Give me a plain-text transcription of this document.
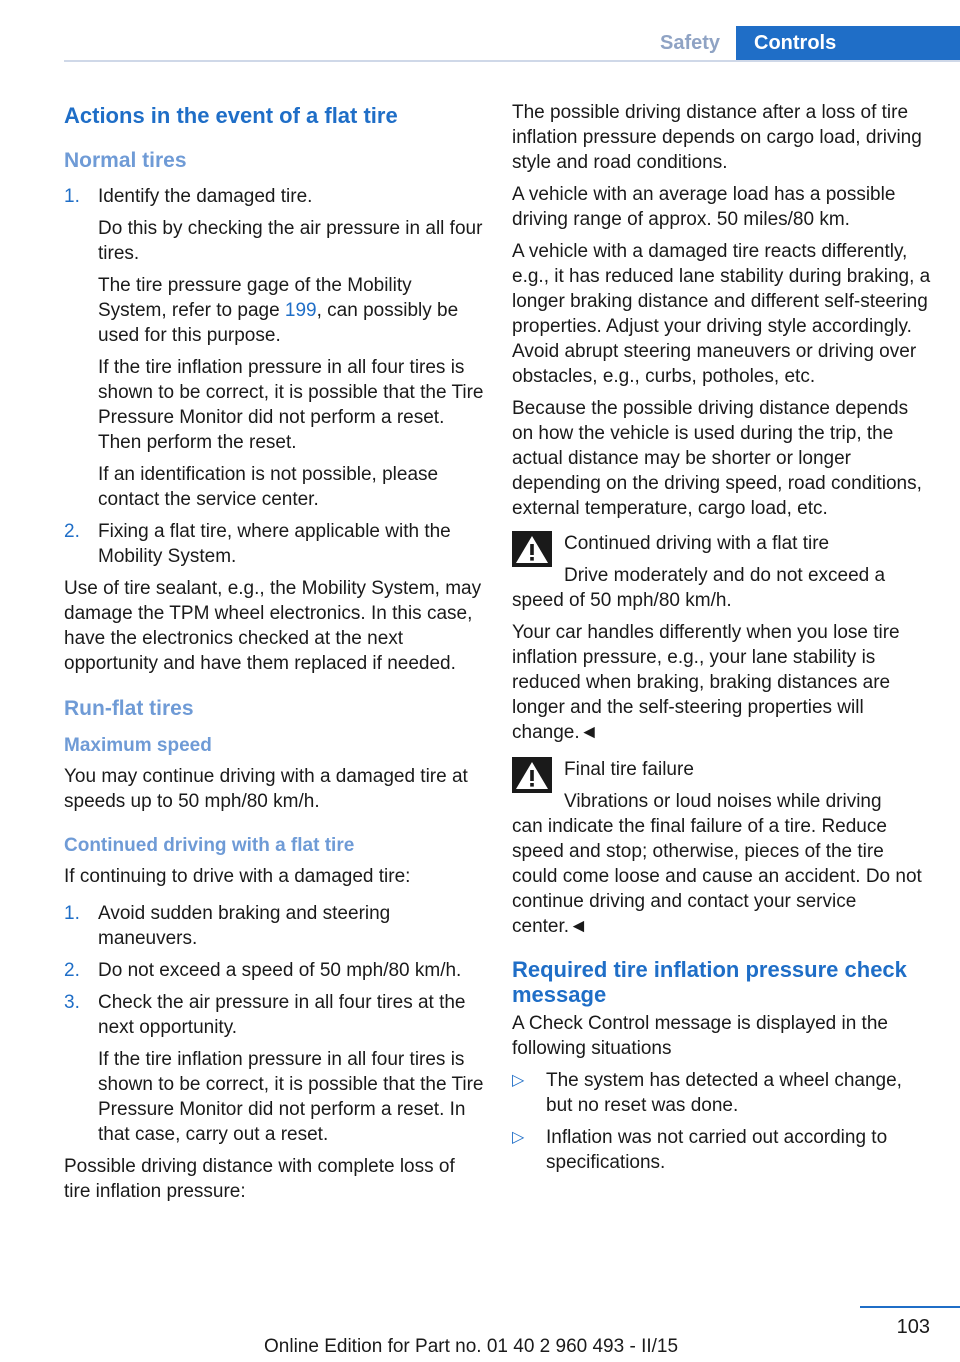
Safety	Controls
Actions in the event of a flat tire
Normal tires
1. Identify the damaged tire.

Do this by checking the air pressure in all four tires.

The tire pressure gage of the Mobility System, refer to page 199, can possibly be used for this purpose.

If the tire inflation pressure in all four tires is shown to be correct, it is possible that the Tire Pressure Monitor did not perform a reset. Then perform the reset.

If an identification is not possible, please contact the service center.

2. Fixing a flat tire, where applicable with the Mobility System.

Use of tire sealant, e.g., the Mobility System, may damage the TPM wheel electronics. In this case, have the electronics checked at the next opportunity and have them replaced if needed.

Run-flat tires
Maximum speed

You may continue driving with a damaged tire at speeds up to 50 mph/80 km/h.

Continued driving with a flat tire

If continuing to drive with a damaged tire:

1. Avoid sudden braking and steering maneuvers.

2. Do not exceed a speed of 50 mph/80 km/h.

3. Check the air pressure in all four tires at the next opportunity.

If the tire inflation pressure in all four tires is shown to be correct, it is possible that the Tire Pressure Monitor did not perform a reset. In that case, carry out a reset.

Possible driving distance with complete loss of tire inflation pressure:

The possible driving distance after a loss of tire inflation pressure depends on cargo load, driving style and road conditions.

A vehicle with an average load has a possible driving range of approx. 50 miles/80 km.

A vehicle with a damaged tire reacts differently, e.g., it has reduced lane stability during braking, a longer braking distance and different self-steering properties. Adjust your driving style accordingly. Avoid abrupt steering maneuvers or driving over obstacles, e.g., curbs, potholes, etc.

Because the possible driving distance depends on how the vehicle is used during the trip, the actual distance may be shorter or longer depending on the driving speed, road conditions, external temperature, cargo load, etc.

Continued driving with a flat tire

Drive moderately and do not exceed a

speed of 50 mph/80 km/h.

Your car handles differently when you lose tire inflation pressure, e.g., your lane stability is reduced when braking, braking distances are longer and the self-steering properties will change.◄

Final tire failure

Vibrations or loud noises while driving

can indicate the final failure of a tire. Reduce speed and stop; otherwise, pieces of the tire could come loose and cause an accident. Do not continue driving and contact your service center.◄

Required tire inflation pressure check message

A Check Control message is displayed in the following situations

▷ The system has detected a wheel change, but no reset was done.

▷ Inflation was not carried out according to specifications.

103
Online Edition for Part no. 01 40 2 960 493 - II/15
